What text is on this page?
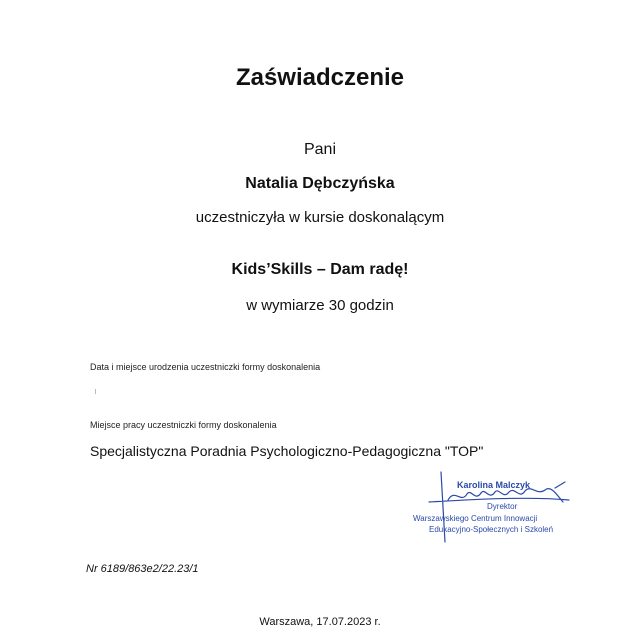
Zaświadczenie
Pani
Natalia Dębczyńska
uczestniczyła w kursie doskonalącym
Kids’Skills – Dam radę!
w wymiarze 30 godzin
Data i miejsce urodzenia uczestniczki formy doskonalenia
Miejsce pracy uczestniczki formy doskonalenia
Specjalistyczna Poradnia Psychologiczno-Pedagogiczna "TOP"
Karolina Malczyk
Dyrektor
Warszawskiego Centrum Innowacji
Edukacyjno-Społecznych i Szkoleń
Nr 6189/863e2/22.23/1
Warszawa, 17.07.2023 r.
